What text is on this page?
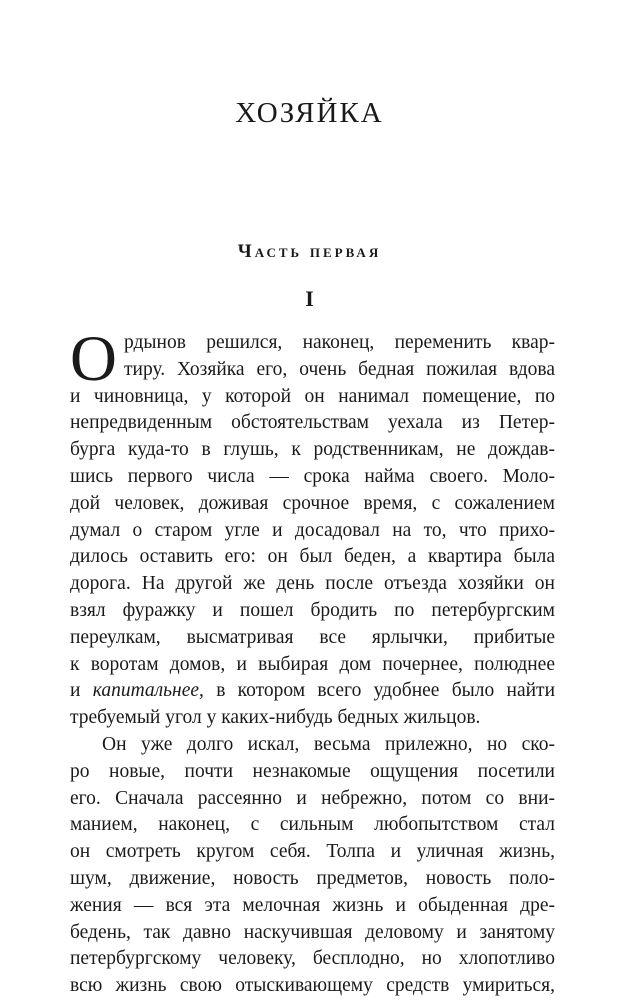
ХОЗЯЙКА
Часть первая
I
О рдынов решился, наконец, переменить квар-
тиру. Хозяйка его, очень бедная пожилая вдова
и чиновница, у которой он нанимал помещение, по
непредвиденным обстоятельствам уехала из Петер-
бурга куда-то в глушь, к родственникам, не дождав-
шись первого числа — срока найма своего. Моло-
дой человек, доживая срочное время, с сожалением
думал о старом угле и досадовал на то, что прихо-
дилось оставить его: он был беден, а квартира была
дорога. На другой же день после отъезда хозяйки он
взял фуражку и пошел бродить по петербургским
переулкам, высматривая все ярлычки, прибитые
к воротам домов, и выбирая дом почернее, полюднее
и капитальнее, в котором всего удобнее было найти
требуемый угол у каких-нибудь бедных жильцов.
Он уже долго искал, весьма прилежно, но ско-
ро новые, почти незнакомые ощущения посетили
его. Сначала рассеянно и небрежно, потом со вни-
манием, наконец, с сильным любопытством стал
он смотреть кругом себя. Толпа и уличная жизнь,
шум, движение, новость предметов, новость поло-
жения — вся эта мелочная жизнь и обыденная дре-
бедень, так давно наскучившая деловому и занятому
петербургскому человеку, бесплодно, но хлопотливо
всю жизнь свою отыскивающему средств умириться,
